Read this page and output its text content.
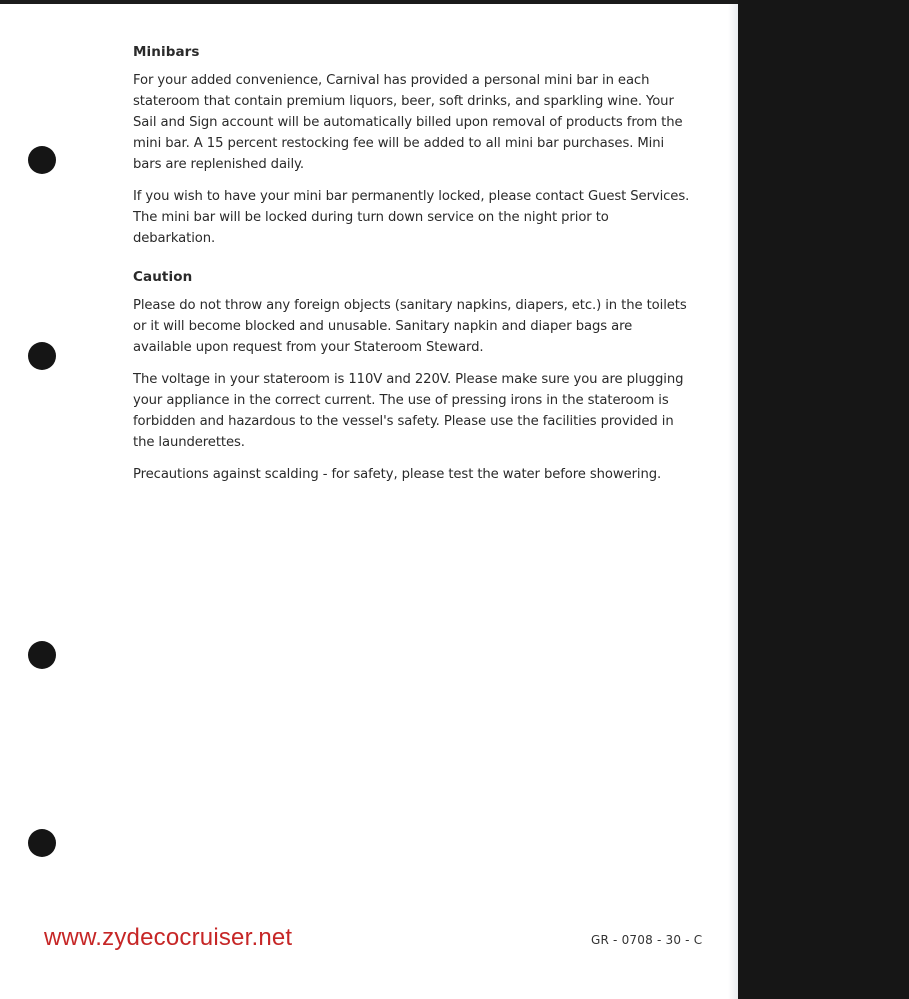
Minibars

For your added convenience, Carnival has provided a personal mini bar in each stateroom that contain premium liquors, beer, soft drinks, and sparkling wine. Your Sail and Sign account will be automatically billed upon removal of products from the mini bar. A 15 percent restocking fee will be added to all mini bar purchases. Mini bars are replenished daily.

If you wish to have your mini bar permanently locked, please contact Guest Services. The mini bar will be locked during turn down service on the night prior to debarkation.

Caution

Please do not throw any foreign objects (sanitary napkins, diapers, etc.) in the toilets or it will become blocked and unusable. Sanitary napkin and diaper bags are available upon request from your Stateroom Steward.

The voltage in your stateroom is 110V and 220V. Please make sure you are plugging your appliance in the correct current. The use of pressing irons in the stateroom is forbidden and hazardous to the vessel's safety. Please use the facilities provided in the launderettes.

Precautions against scalding - for safety, please test the water before showering.

www.zydecocruiser.net	GR - 0708 - 30 - C
